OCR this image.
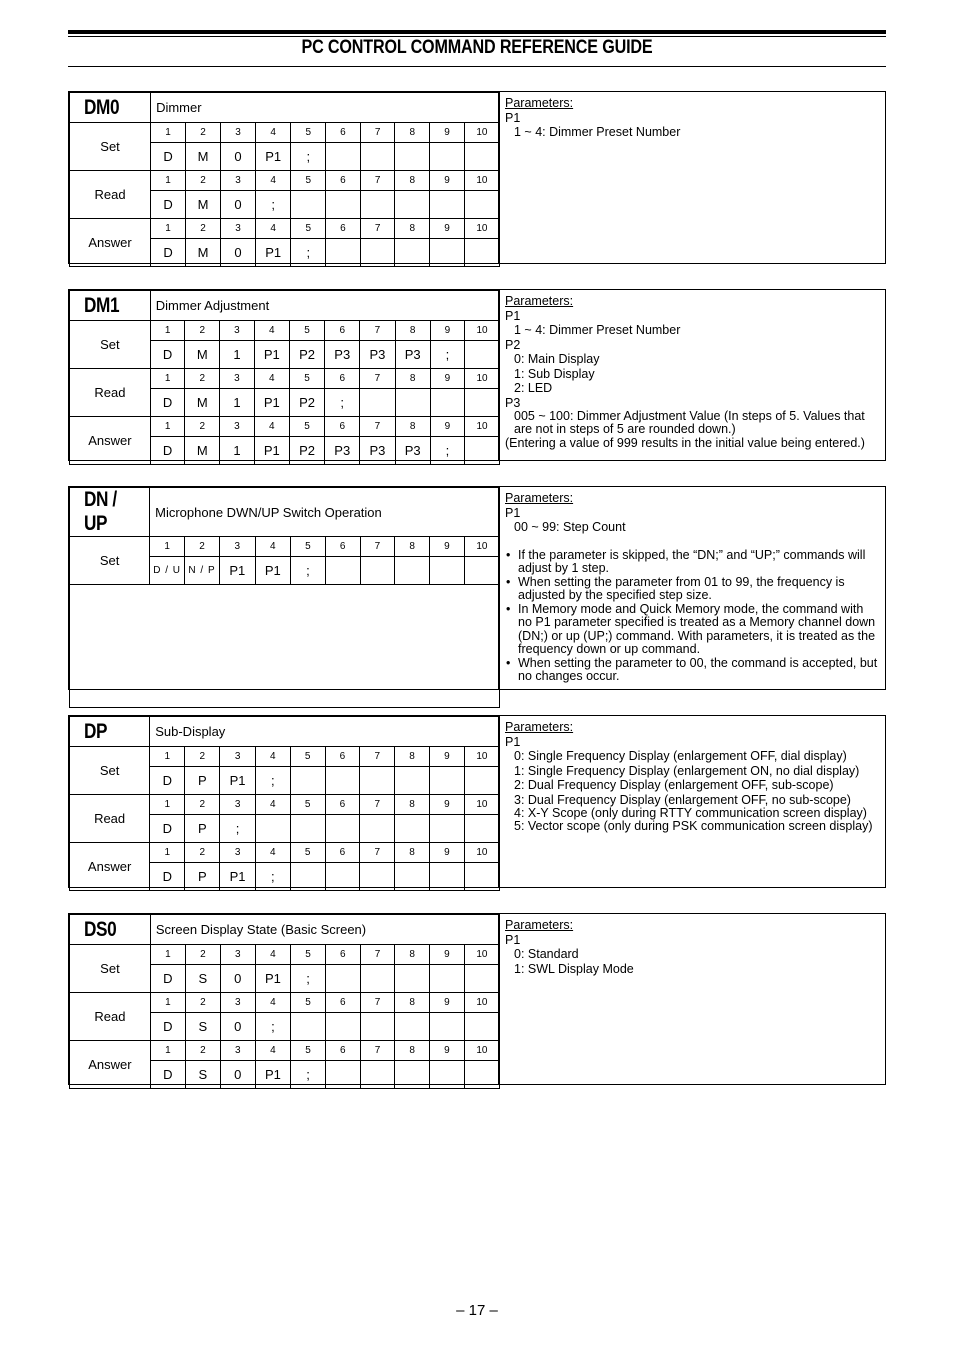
PC CONTROL COMMAND REFERENCE GUIDE
DM0	Dimmer									
Set	1	2	3	4	5	6	7	8	9	10
	D	M	0	P1	;					
Read	1	2	3	4	5	6	7	8	9	10
	D	M	0	;						
Answer	1	2	3	4	5	6	7	8	9	10
	D	M	0	P1	;					
Parameters:
P1
1 ~ 4: Dimmer Preset Number
DM1	Dimmer Adjustment									
Set	1	2	3	4	5	6	7	8	9	10
	D	M	1	P1	P2	P3	P3	P3	;	
Read	1	2	3	4	5	6	7	8	9	10
	D	M	1	P1	P2	;				
Answer	1	2	3	4	5	6	7	8	9	10
	D	M	1	P1	P2	P3	P3	P3	;	
Parameters:
P1
1 ~ 4: Dimmer Preset Number
P2
0: Main Display
1: Sub Display
2: LED
P3
005 ~ 100: Dimmer Adjustment Value (In steps of 5. Values that are not in steps of 5 are rounded down.)
(Entering a value of 999 results in the initial value being entered.)
DN / UP	Microphone DWN/UP Switch Operation									
Set	1	2	3	4	5	6	7	8	9	10
	D / U	N / P	P1	P1	;					

Parameters:
P1
00 ~ 99: Step Count
• If the parameter is skipped, the “DN;” and “UP;” commands will adjust by 1 step.
• When setting the parameter from 01 to 99, the frequency is adjusted by the specified step size.
• In Memory mode and Quick Memory mode, the command with no P1 parameter specified is treated as a Memory channel down (DN;) or up (UP;) command. With parameters, it is treated as the frequency down or up command.
• When setting the parameter to 00, the command is accepted, but no changes occur.
DP	Sub-Display									
Set	1	2	3	4	5	6	7	8	9	10
	D	P	P1	;						
Read	1	2	3	4	5	6	7	8	9	10
	D	P	;							
Answer	1	2	3	4	5	6	7	8	9	10
	D	P	P1	;						
Parameters:
P1
0: Single Frequency Display (enlargement OFF, dial display)
1: Single Frequency Display (enlargement ON, no dial display)
2: Dual Frequency Display (enlargement OFF, sub-scope)
3: Dual Frequency Display (enlargement OFF, no sub-scope)
4: X-Y Scope (only during RTTY communication screen display)
5: Vector scope (only during PSK communication screen display)
DS0	Screen Display State (Basic Screen)									
Set	1	2	3	4	5	6	7	8	9	10
	D	S	0	P1	;					
Read	1	2	3	4	5	6	7	8	9	10
	D	S	0	;						
Answer	1	2	3	4	5	6	7	8	9	10
	D	S	0	P1	;					
Parameters:
P1
0: Standard
1: SWL Display Mode
– 17 –
